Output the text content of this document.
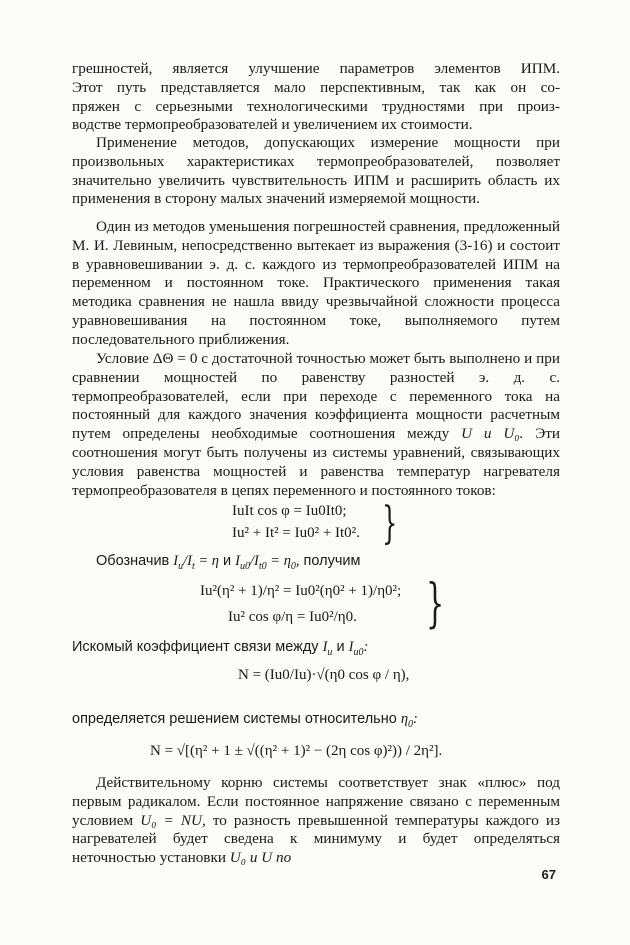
грешностей, является улучшение параметров элементов ИПМ.

Этот путь представляется мало перспективным, так как он со-

пряжен с серьезными технологическими трудностями при произ-

водстве термопреобразователей и увеличением их стоимости.

Применение методов, допускающих измерение мощности при произвольных характеристиках термопреобразователей, позволяет значительно увеличить чувствительность ИПМ и расширить область их применения в сторону малых значений измеряемой мощности.

Один из методов уменьшения погрешностей сравнения, предложенный М. И. Левиным, непосредственно вытекает из выражения (3-16) и состоит в уравновешивании э. д. с. каждого из термопреобразователей ИПМ на переменном и постоянном токе. Практического применения такая методика сравнения не нашла ввиду чрезвычайной сложности процесса уравновешивания на постоянном токе, выполняемого путем последовательного приближения.

Условие ΔΘ = 0 с достаточной точностью может быть выполнено и при сравнении мощностей по равенству разностей э. д. с. термопреобразователей, если при переходе с переменного тока на постоянный для каждого значения коэффициента мощности расчетным путем определены необходимые соотношения между U и U₀. Эти соотношения могут быть получены из системы уравнений, связывающих условия равенства мощностей и равенства температур нагревателя термопреобразователя в цепях переменного и постоянного токов:

IuIt cos φ = Iu0It0;
Iu² + It² = Iu0² + It0². }
Обозначив $I_u/I_t = \eta$ и $I_{u0}/I_{t0} = \eta_0$, получим
Iu²(η² + 1)/η² = Iu0²(η0² + 1)/η0²;
Iu² cos φ/η = Iu0²/η0. }
Искомый коэффициент связи между $I_u$ и $I_{u0}$:
N = (Iu0/Iu)·√(η0 cos φ / η),
определяется решением системы относительно $\eta_0$:
N = √[(η² + 1 ± √((η² + 1)² − (2η cos φ)²)) / 2η²].

Действительному корню системы соответствует знак «плюс» под первым радикалом. Если постоянное напряжение связано с переменным условием U₀ = NU, то разность превышенной температуры каждого из нагревателей будет сведена к минимуму и будет определяться неточностью установки U₀ и U по

67
